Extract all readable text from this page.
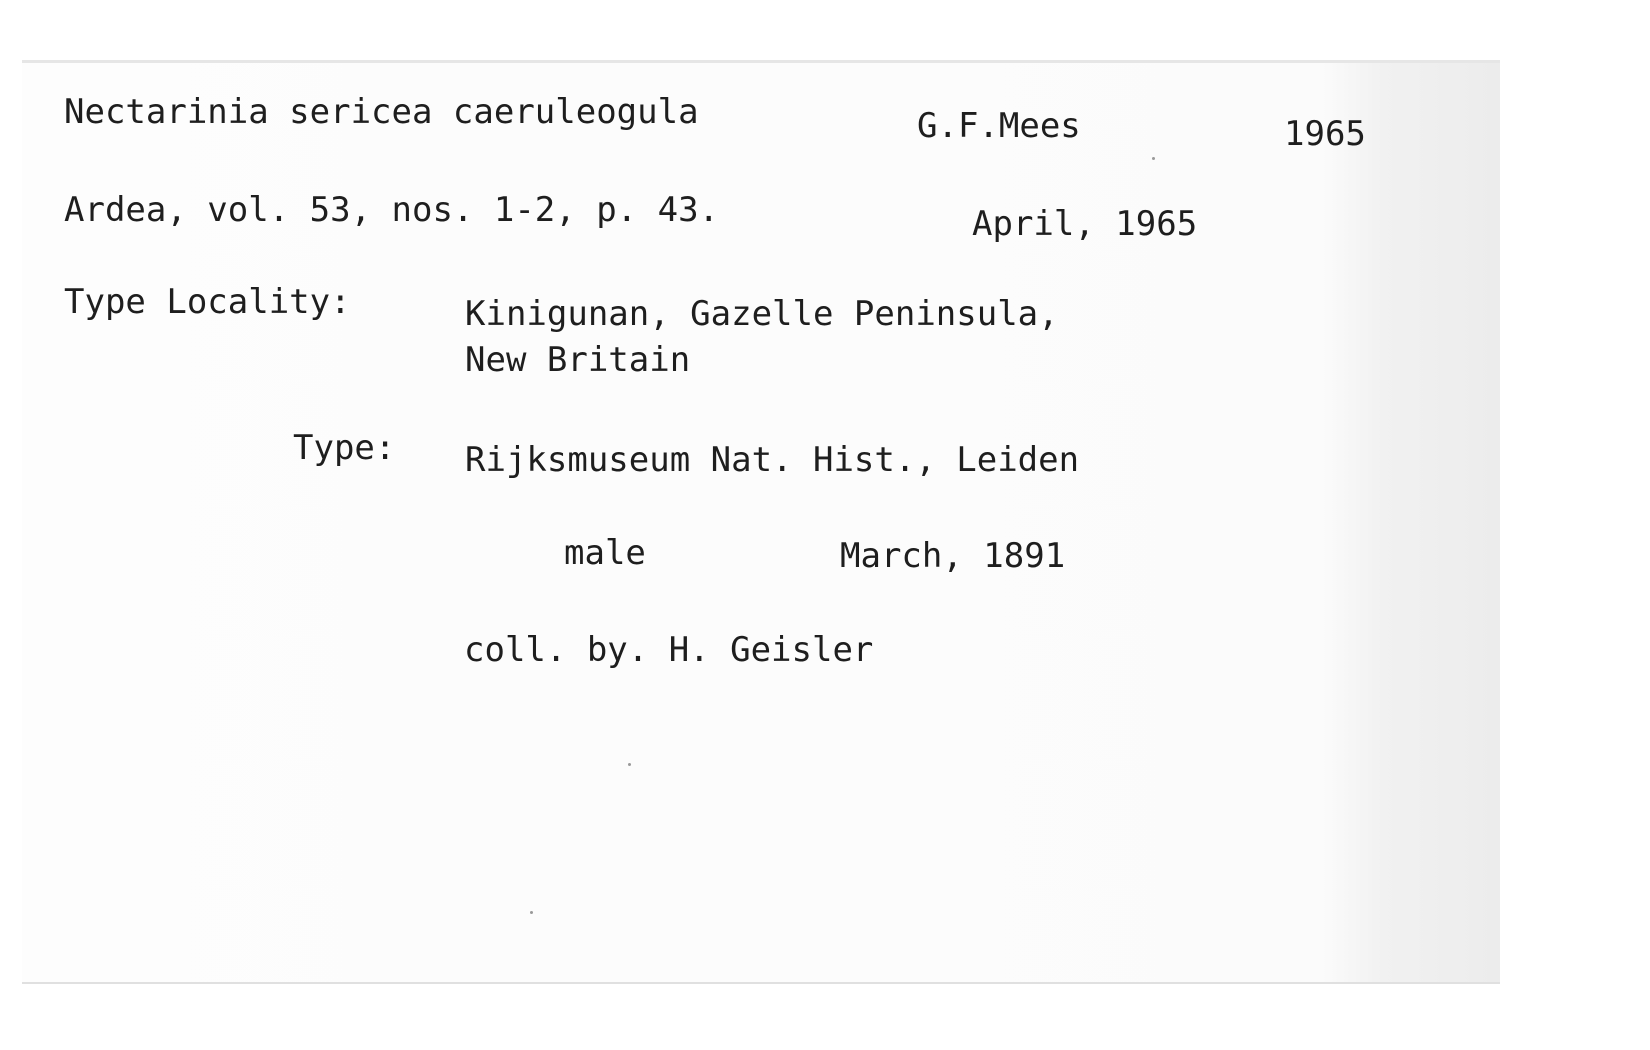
Nectarinia sericea caeruleogula	G.F.Mees	1965
Ardea, vol. 53, nos. 1-2, p. 43.	April, 1965
Type Locality:	Kinigunan, Gazelle Peninsula,
New Britain
Type: Rijksmuseum Nat. Hist., Leiden
male	March, 1891
coll. by. H. Geisler
